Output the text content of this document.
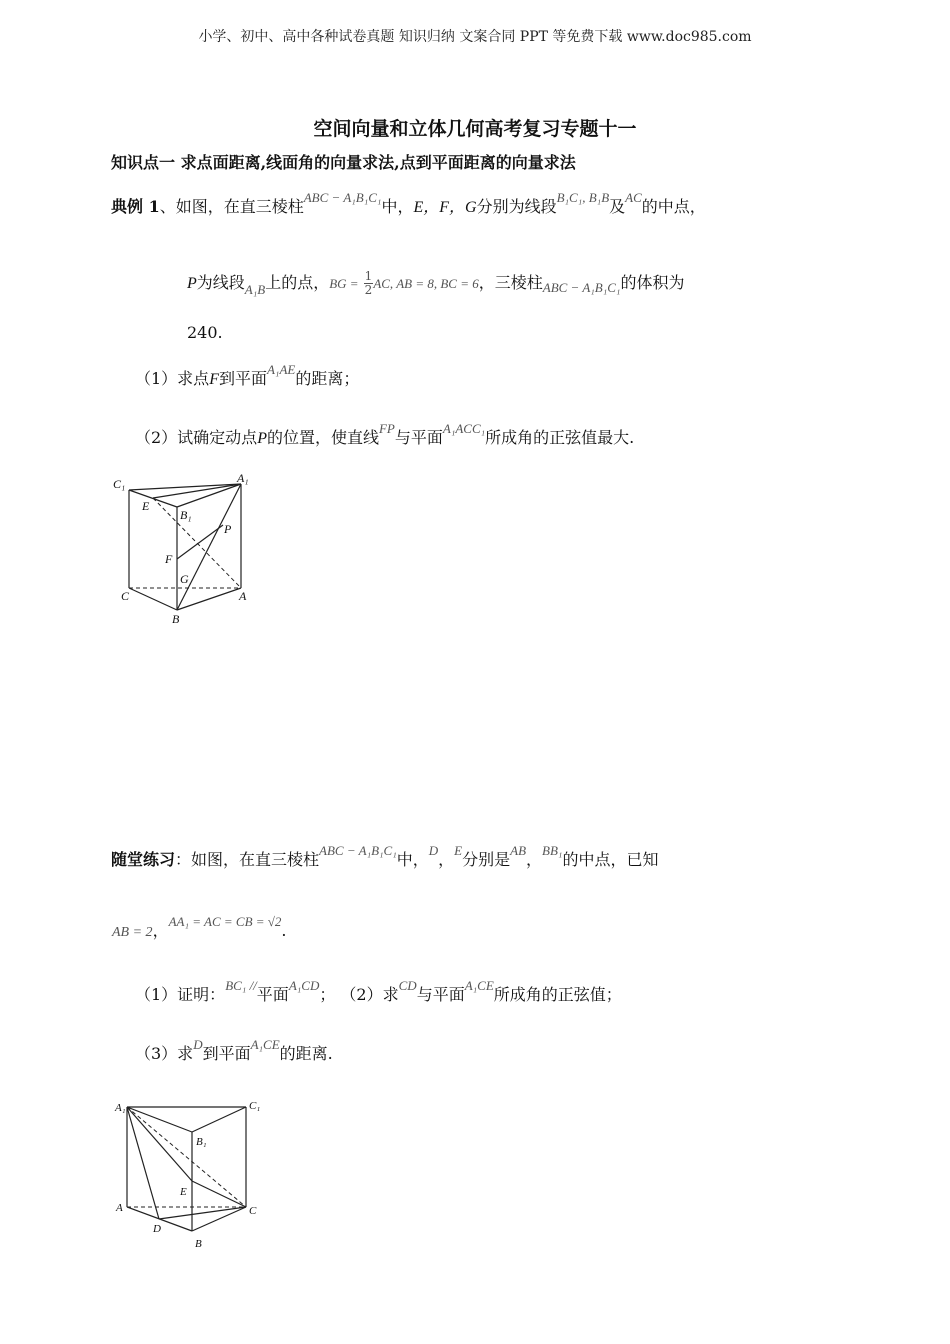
小学、初中、高中各种试卷真题 知识归纳 文案合同 PPT 等免费下载 www.doc985.com
空间向量和立体几何高考复习专题十一
知识点一 求点面距离,线面角的向量求法,点到平面距离的向量求法
典例 1、如图，在直三棱柱$^{ABC - A_1B_1C_1}$中，E，F，G分别为线段$^{B_1C_1, B_1B}$及$^{AC}$的中点，
P为线段$_{A_1B}$上的点，BG = $\frac{1}{2}$ AC, AB = 8, BC = 6，三棱柱$_{ABC - A_1B_1C_1}$的体积为
240.
（1）求点F到平面$^{A_1AE}$的距离；
（2）试确定动点P的位置，使直线$^{FP}$与平面$^{A_1ACC_1}$所成角的正弦值最大.
C₁	A₁
E
B₁
P
F
G
C	A
B
随堂练习：如图，在直三棱柱$^{ABC - A_1B_1C_1}$中，$^D$，$^E$分别是$^{AB}$，$^{BB_1}$的中点，已知
AB = 2，$^{AA_1 = AC = CB = √2}$.
（1）证明：$^{BC_1 //}$平面$^{A_1CD}$； （2）求$^{CD}$与平面$^{A_1CE}$所成角的正弦值；
（3）求$^D$到平面$^{A_1CE}$的距离.
A₁	C₁
B₁
E
A	C
D
B
